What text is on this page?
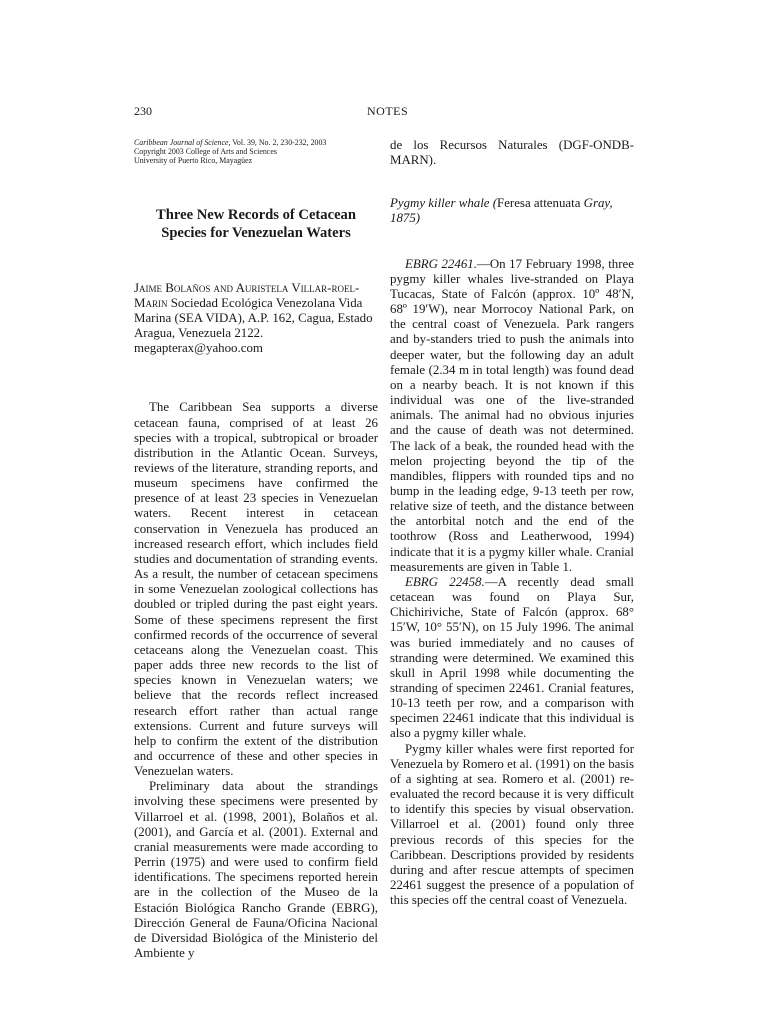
230	NOTES
Caribbean Journal of Science, Vol. 39, No. 2, 230-232, 2003
Copyright 2003 College of Arts and Sciences
University of Puerto Rico, Mayagüez
Three New Records of Cetacean Species for Venezuelan Waters

Jaime Bolaños and Auristela Villar-roel-Marin Sociedad Ecológica Venezolana Vida Marina (SEA VIDA), A.P. 162, Cagua, Estado Aragua, Venezuela 2122. megapterax@yahoo.com

The Caribbean Sea supports a diverse cetacean fauna, comprised of at least 26 species with a tropical, subtropical or broader distribution in the Atlantic Ocean. Surveys, reviews of the literature, stranding reports, and museum specimens have confirmed the presence of at least 23 species in Venezuelan waters. Recent interest in cetacean conservation in Venezuela has produced an increased research effort, which includes field studies and documentation of stranding events. As a result, the number of cetacean specimens in some Venezuelan zoological collections has doubled or tripled during the past eight years. Some of these specimens represent the first confirmed records of the occurrence of several cetaceans along the Venezuelan coast. This paper adds three new records to the list of species known in Venezuelan waters; we believe that the records reflect increased research effort rather than actual range extensions. Current and future surveys will help to confirm the extent of the distribution and occurrence of these and other species in Venezuelan waters.

Preliminary data about the strandings involving these specimens were presented by Villarroel et al. (1998, 2001), Bolaños et al. (2001), and García et al. (2001). External and cranial measurements were made according to Perrin (1975) and were used to confirm field identifications. The specimens reported herein are in the collection of the Museo de la Estación Biológica Rancho Grande (EBRG), Dirección General de Fauna/Oficina Nacional de Diversidad Biológica of the Ministerio del Ambiente y

de los Recursos Naturales (DGF-ONDB-MARN).

Pygmy killer whale (Feresa attenuata Gray, 1875)

EBRG 22461.—On 17 February 1998, three pygmy killer whales live-stranded on Playa Tucacas, State of Falcón (approx. 10º 48′N, 68º 19′W), near Morrocoy National Park, on the central coast of Venezuela. Park rangers and by-standers tried to push the animals into deeper water, but the following day an adult female (2.34 m in total length) was found dead on a nearby beach. It is not known if this individual was one of the live-stranded animals. The animal had no obvious injuries and the cause of death was not determined. The lack of a beak, the rounded head with the melon projecting beyond the tip of the mandibles, flippers with rounded tips and no bump in the leading edge, 9-13 teeth per row, relative size of teeth, and the distance between the antorbital notch and the end of the toothrow (Ross and Leatherwood, 1994) indicate that it is a pygmy killer whale. Cranial measurements are given in Table 1.

EBRG 22458.—A recently dead small cetacean was found on Playa Sur, Chichiriviche, State of Falcón (approx. 68° 15′W, 10° 55′N), on 15 July 1996. The animal was buried immediately and no causes of stranding were determined. We examined this skull in April 1998 while documenting the stranding of specimen 22461. Cranial features, 10-13 teeth per row, and a comparison with specimen 22461 indicate that this individual is also a pygmy killer whale.

Pygmy killer whales were first reported for Venezuela by Romero et al. (1991) on the basis of a sighting at sea. Romero et al. (2001) re-evaluated the record because it is very difficult to identify this species by visual observation. Villarroel et al. (2001) found only three previous records of this species for the Caribbean. Descriptions provided by residents during and after rescue attempts of specimen 22461 suggest the presence of a population of this species off the central coast of Venezuela.
